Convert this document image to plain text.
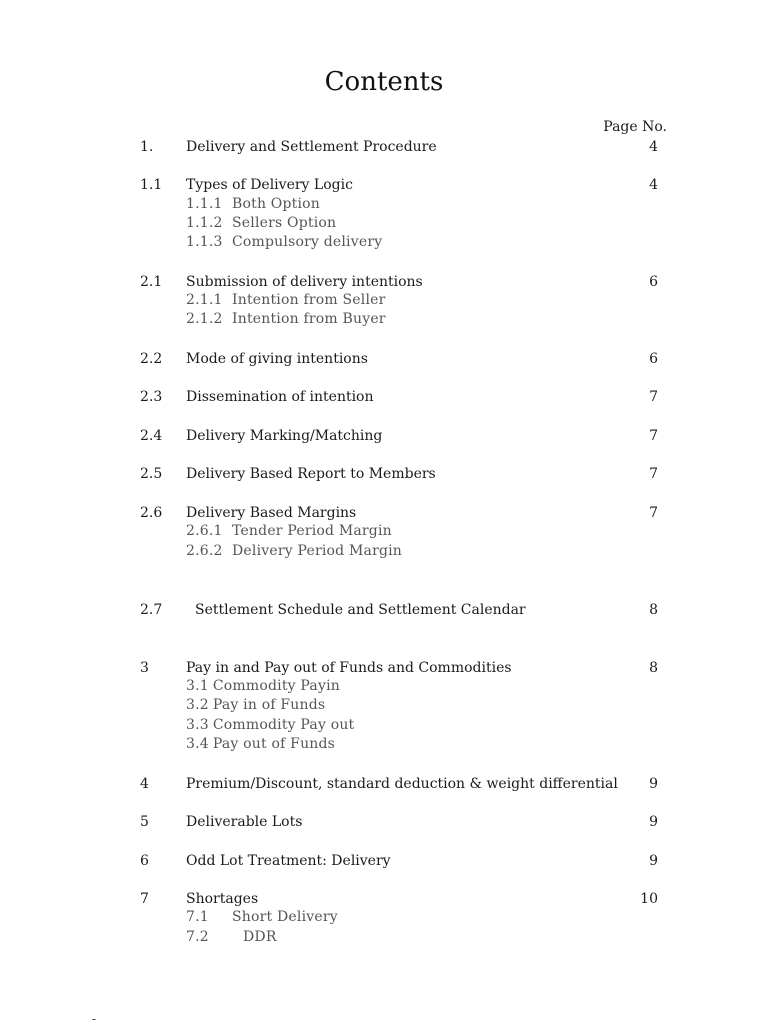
Contents
Page No.
1. Delivery and Settlement Procedure	4
1.1 Types of Delivery Logic	4
1.1.1 Both Option
1.1.2 Sellers Option
1.1.3 Compulsory delivery
2.1 Submission of delivery intentions	6
2.1.1 Intention from Seller
2.1.2 Intention from Buyer
2.2 Mode of giving intentions	6
2.3 Dissemination of intention	7
2.4 Delivery Marking/Matching	7
2.5 Delivery Based Report to Members	7
2.6 Delivery Based Margins	7
2.6.1 Tender Period Margin
2.6.2 Delivery Period Margin
2.7 Settlement Schedule and Settlement Calendar	8
3	Pay in and Pay out of Funds and Commodities	8
3.1 Commodity Payin
3.2 Pay in of Funds
3.3 Commodity Pay out
3.4 Pay out of Funds
4	Premium/Discount, standard deduction & weight differential 9
5	Deliverable Lots	9
6	Odd Lot Treatment: Delivery	9
7	Shortages	10
7.1 Short Delivery
7.2 DDR
-
